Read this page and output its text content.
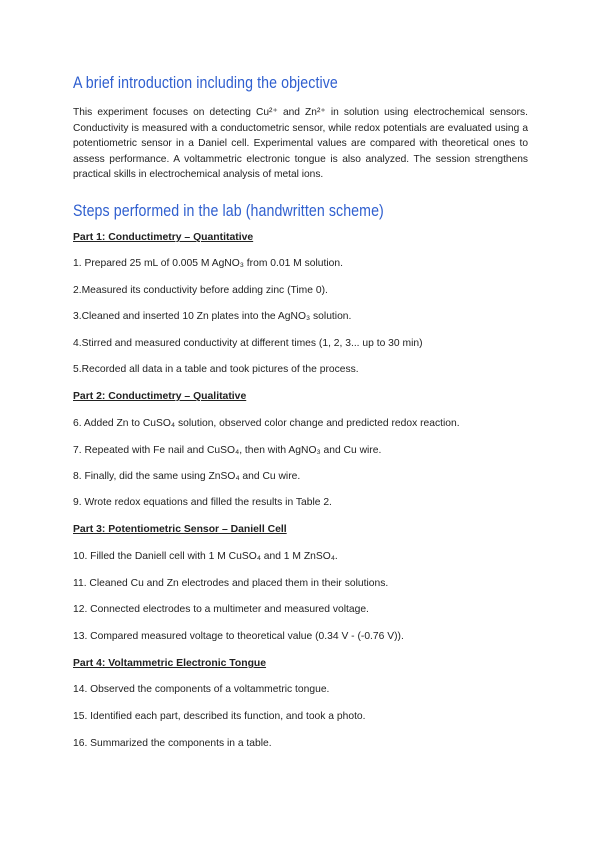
A brief introduction including the objective

This experiment focuses on detecting Cu²⁺ and Zn²⁺ in solution using electrochemical sensors. Conductivity is measured with a conductometric sensor, while redox potentials are evaluated using a potentiometric sensor in a Daniel cell. Experimental values are compared with theoretical ones to assess performance. A voltammetric electronic tongue is also analyzed. The session strengthens practical skills in electrochemical analysis of metal ions.

Steps performed in the lab (handwritten scheme)
Part 1: Conductimetry – Quantitative
1. Prepared 25 mL of 0.005 M AgNO₃ from 0.01 M solution.
2.Measured its conductivity before adding zinc (Time 0).
3.Cleaned and inserted 10 Zn plates into the AgNO₃ solution.
4.Stirred and measured conductivity at different times (1, 2, 3... up to 30 min)
5.Recorded all data in a table and took pictures of the process.
Part 2: Conductimetry – Qualitative
6. Added Zn to CuSO₄ solution, observed color change and predicted redox reaction.
7. Repeated with Fe nail and CuSO₄, then with AgNO₃ and Cu wire.
8. Finally, did the same using ZnSO₄ and Cu wire.
9. Wrote redox equations and filled the results in Table 2.
Part 3: Potentiometric Sensor – Daniell Cell
10. Filled the Daniell cell with 1 M CuSO₄ and 1 M ZnSO₄.
11. Cleaned Cu and Zn electrodes and placed them in their solutions.
12. Connected electrodes to a multimeter and measured voltage.
13. Compared measured voltage to theoretical value (0.34 V - (-0.76 V)).
Part 4: Voltammetric Electronic Tongue
14. Observed the components of a voltammetric tongue.
15. Identified each part, described its function, and took a photo.
16. Summarized the components in a table.
